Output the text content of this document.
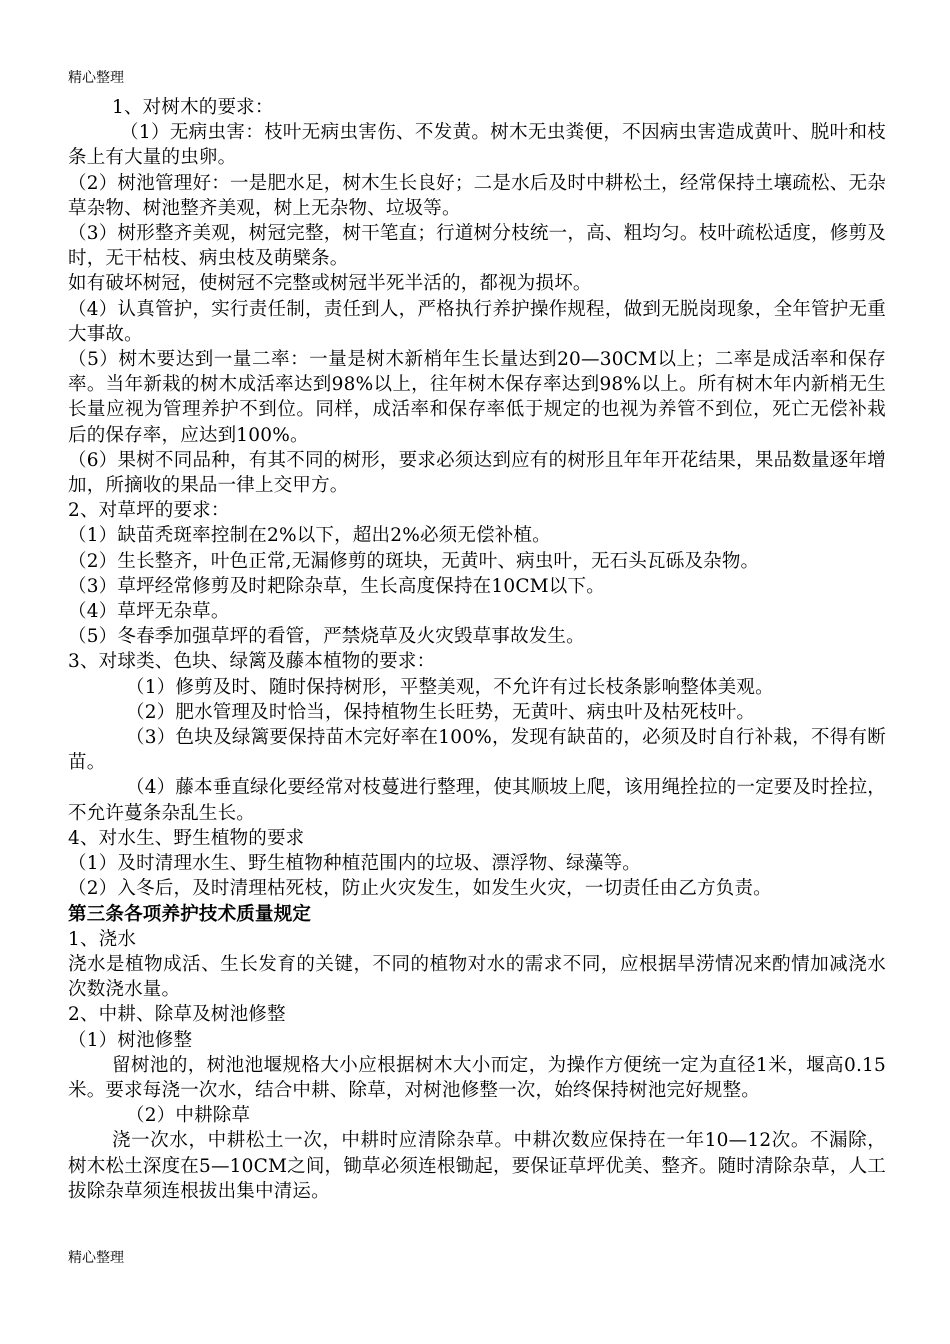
精心整理

1、对树木的要求：

（1）无病虫害：枝叶无病虫害伤、不发黄。树木无虫粪便，不因病虫害造成黄叶、脱叶和枝条上有大量的虫卵。

（2）树池管理好：一是肥水足，树木生长良好；二是水后及时中耕松土，经常保持土壤疏松、无杂草杂物、树池整齐美观，树上无杂物、垃圾等。

（3）树形整齐美观，树冠完整，树干笔直；行道树分枝统一，高、粗均匀。枝叶疏松适度，修剪及时，无干枯枝、病虫枝及萌檗条。

如有破坏树冠，使树冠不完整或树冠半死半活的，都视为损坏。

（4）认真管护，实行责任制，责任到人，严格执行养护操作规程，做到无脱岗现象，全年管护无重大事故。

（5）树木要达到一量二率：一量是树木新梢年生长量达到20—30CM以上；二率是成活率和保存率。当年新栽的树木成活率达到98%以上，往年树木保存率达到98%以上。所有树木年内新梢无生长量应视为管理养护不到位。同样，成活率和保存率低于规定的也视为养管不到位，死亡无偿补栽后的保存率，应达到100%。

（6）果树不同品种，有其不同的树形，要求必须达到应有的树形且年年开花结果，果品数量逐年增加，所摘收的果品一律上交甲方。

2、对草坪的要求：

（1）缺苗秃斑率控制在2%以下，超出2%必须无偿补植。

（2）生长整齐，叶色正常,无漏修剪的斑块，无黄叶、病虫叶，无石头瓦砾及杂物。

（3）草坪经常修剪及时耙除杂草，生长高度保持在10CM以下。

（4）草坪无杂草。

（5）冬春季加强草坪的看管，严禁烧草及火灾毁草事故发生。

3、对球类、色块、绿篱及藤本植物的要求：

（1）修剪及时、随时保持树形，平整美观，不允许有过长枝条影响整体美观。

（2）肥水管理及时恰当，保持植物生长旺势，无黄叶、病虫叶及枯死枝叶。

（3）色块及绿篱要保持苗木完好率在100%，发现有缺苗的，必须及时自行补栽，不得有断苗。

（4）藤本垂直绿化要经常对枝蔓进行整理，使其顺坡上爬，该用绳拴拉的一定要及时拴拉，不允许蔓条杂乱生长。

4、对水生、野生植物的要求

（1）及时清理水生、野生植物种植范围内的垃圾、漂浮物、绿藻等。

（2）入冬后，及时清理枯死枝，防止火灾发生，如发生火灾，一切责任由乙方负责。

第三条各项养护技术质量规定

1、浇水

浇水是植物成活、生长发育的关键，不同的植物对水的需求不同，应根据旱涝情况来酌情加减浇水次数浇水量。

2、中耕、除草及树池修整

（1）树池修整

留树池的，树池池堰规格大小应根据树木大小而定，为操作方便统一定为直径1米，堰高0.15米。要求每浇一次水，结合中耕、除草，对树池修整一次，始终保持树池完好规整。

（2）中耕除草

浇一次水，中耕松土一次，中耕时应清除杂草。中耕次数应保持在一年10—12次。不漏除，树木松土深度在5—10CM之间，锄草必须连根锄起，要保证草坪优美、整齐。随时清除杂草，人工拔除杂草须连根拔出集中清运。

精心整理
